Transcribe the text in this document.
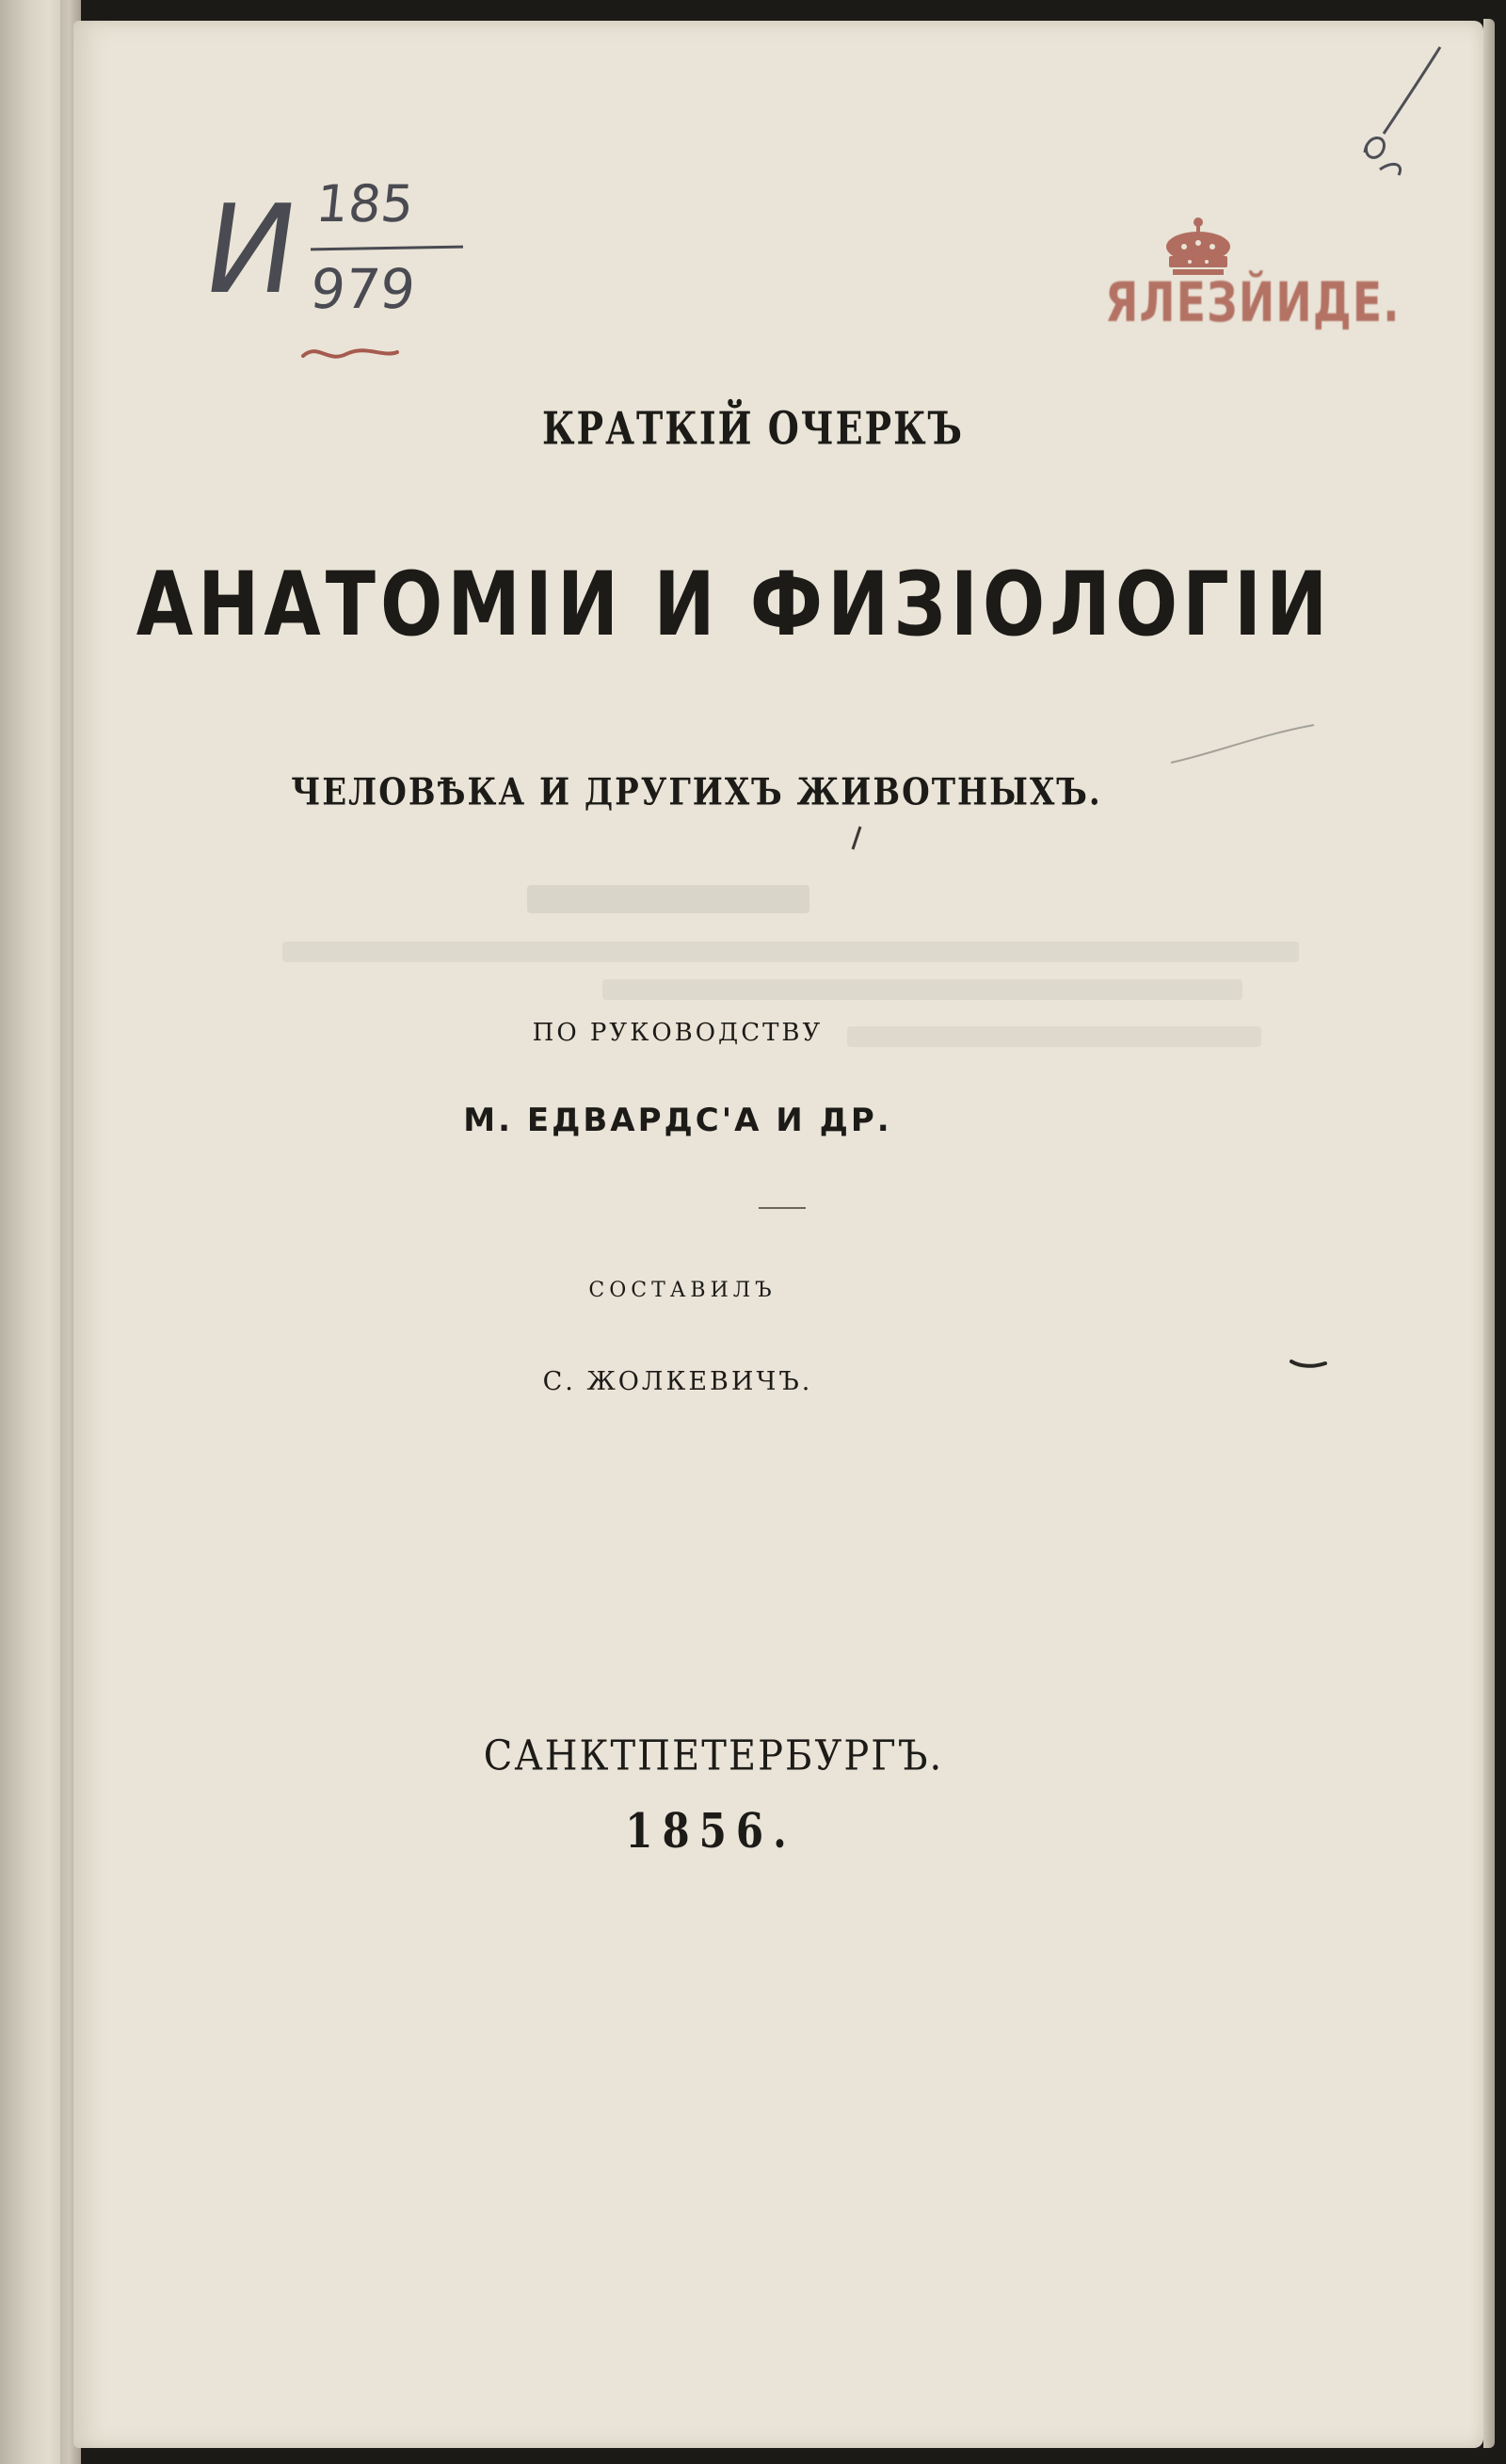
И 185
979	ЯЛЕЗЙИДЕ.
КРАТКІЙ ОЧЕРКЪ
АНАТОМІИ И ФИЗІОЛОГІИ
ЧЕЛОВѢКА И ДРУГИХЪ ЖИВОТНЫХЪ.
ПО РУКОВОДСТВУ
М. ЕДВАРДС'А И ДР.
СОСТАВИЛЪ
С. ЖОЛКЕВИЧЪ.
САНКТПЕТЕРБУРГЪ.
1856.
